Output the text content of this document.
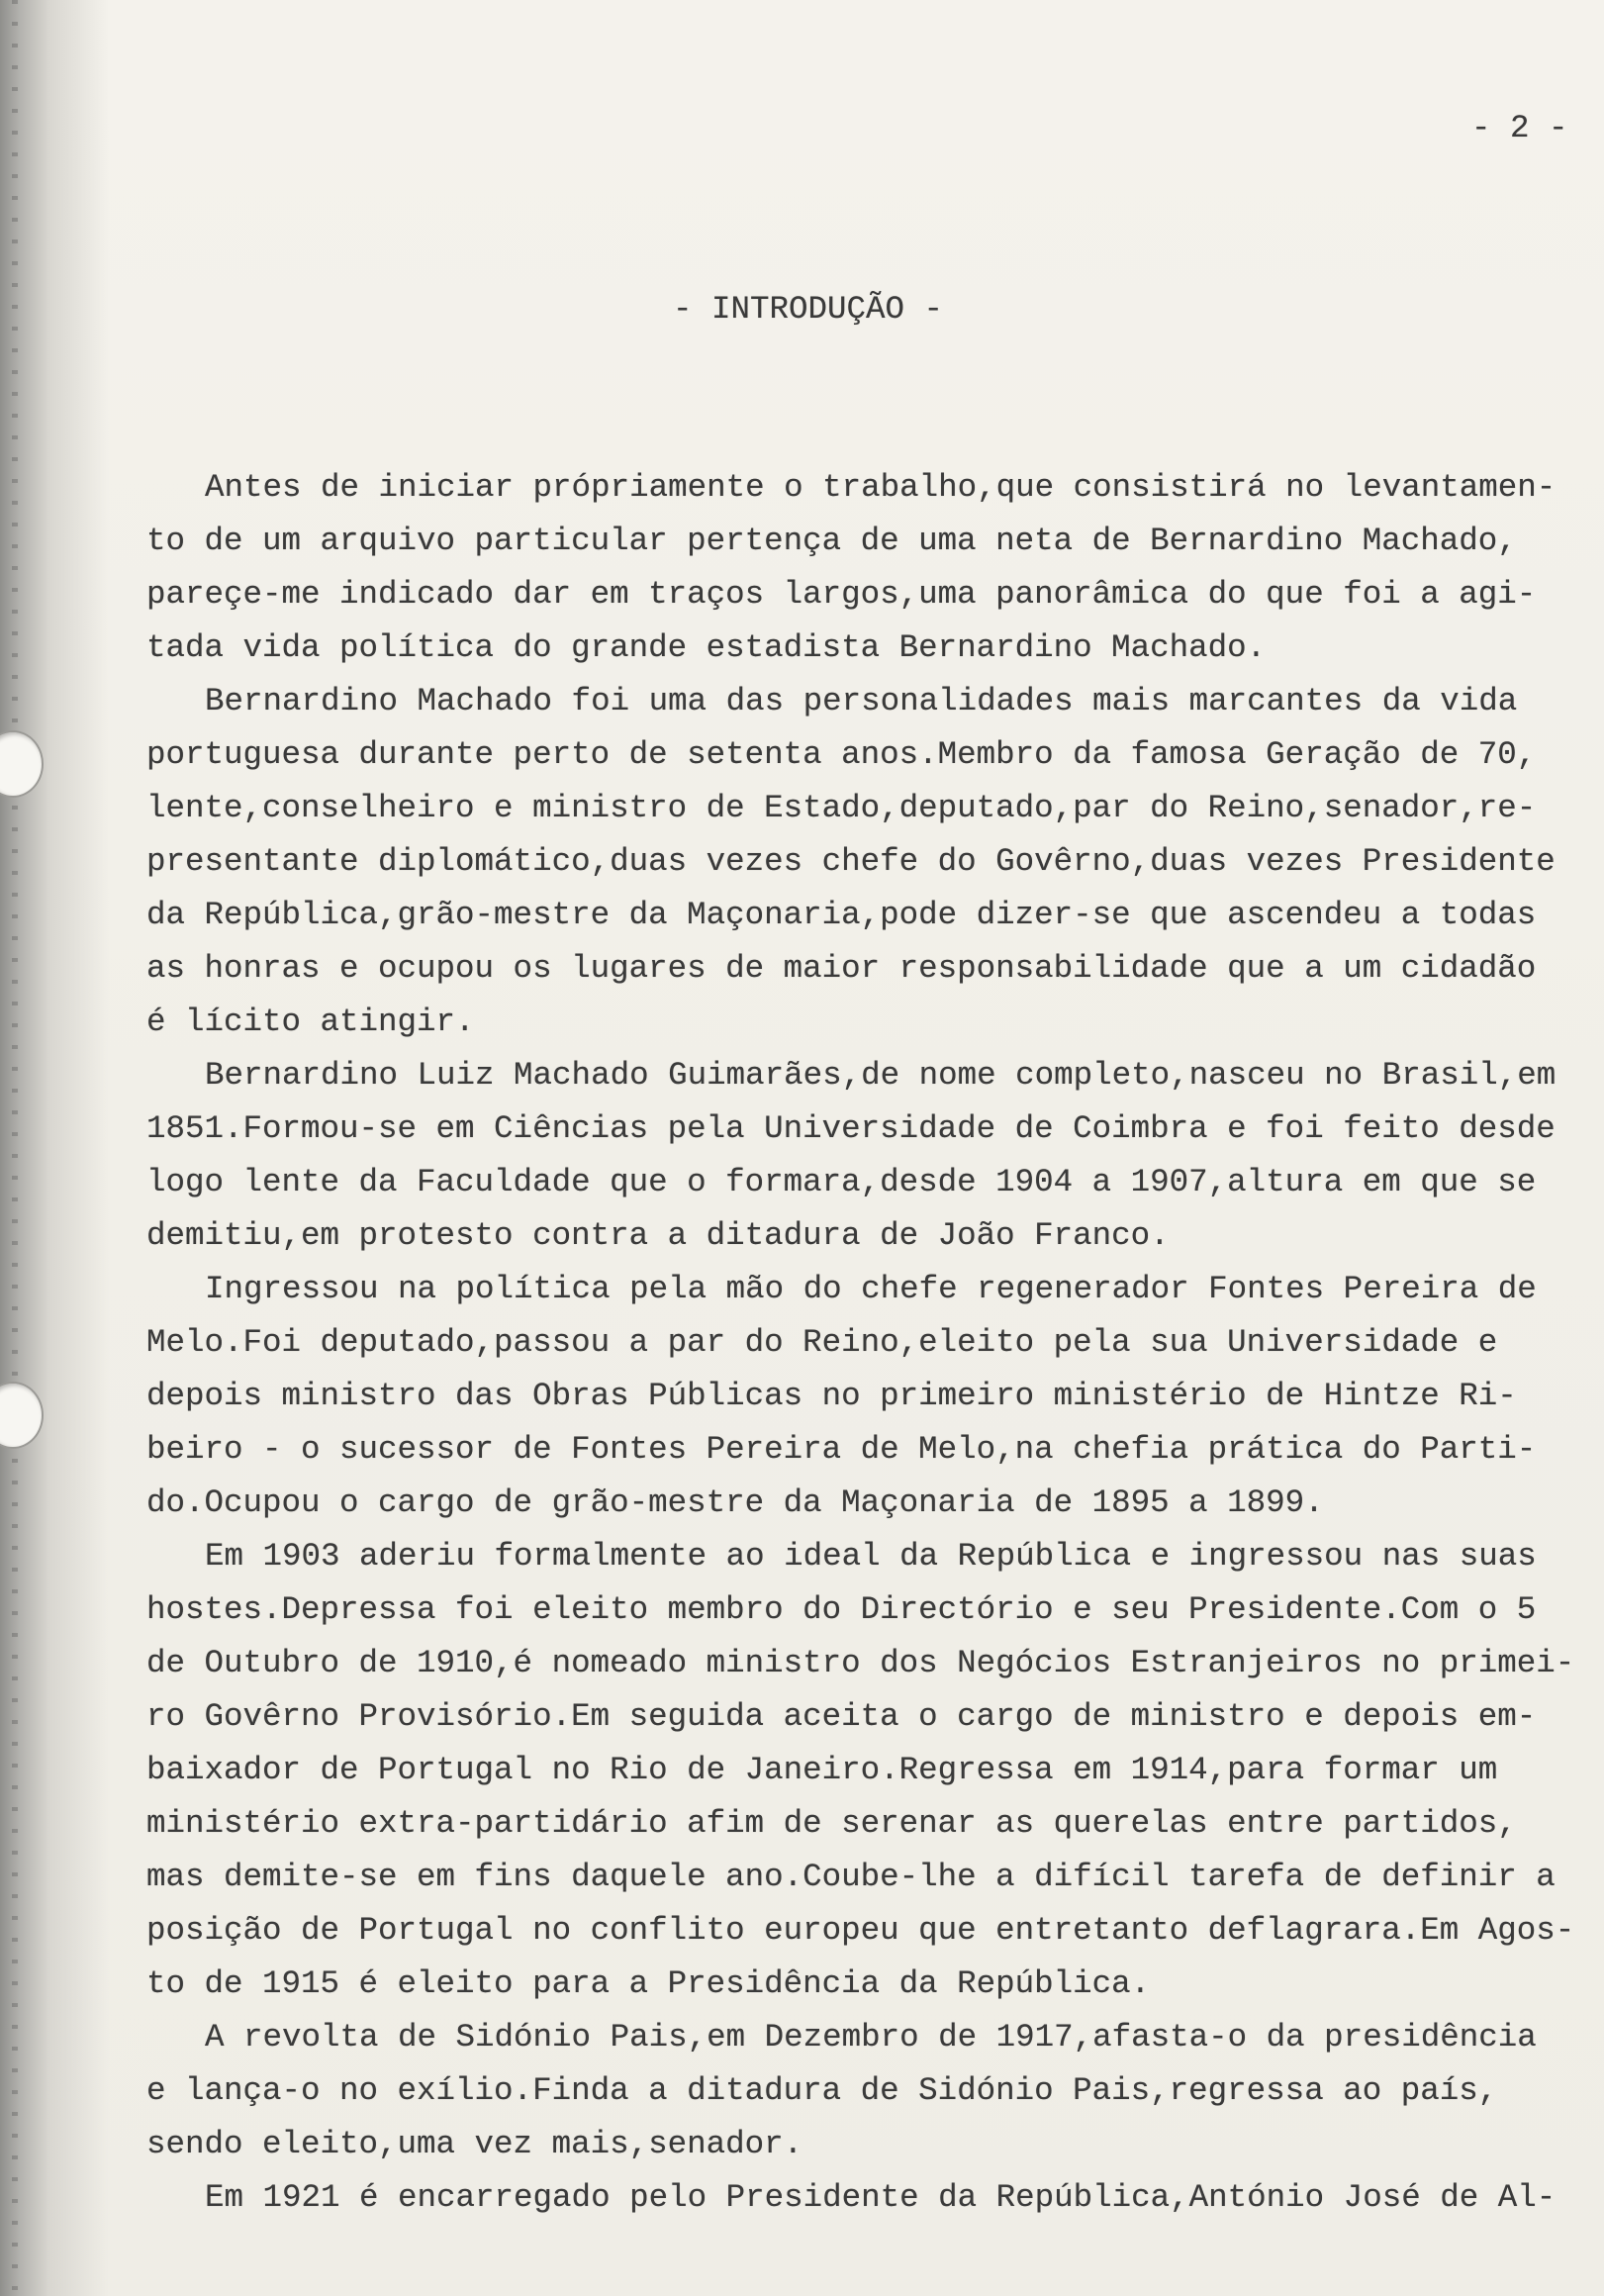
- 2 -
- INTRODUÇÃO -
Antes de iniciar própriamente o trabalho,que consistirá no levantamen-
to de um arquivo particular pertença de uma neta de Bernardino Machado,
pareçe-me indicado dar em traços largos,uma panorâmica do que foi a agi-
tada vida política do grande estadista Bernardino Machado.
Bernardino Machado foi uma das personalidades mais marcantes da vida
portuguesa durante perto de setenta anos.Membro da famosa Geração de 70,
lente,conselheiro e ministro de Estado,deputado,par do Reino,senador,re-
presentante diplomático,duas vezes chefe do Govêrno,duas vezes Presidente
da República,grão-mestre da Maçonaria,pode dizer-se que ascendeu a todas
as honras e ocupou os lugares de maior responsabilidade que a um cidadão
é lícito atingir.
Bernardino Luiz Machado Guimarães,de nome completo,nasceu no Brasil,em
1851.Formou-se em Ciências pela Universidade de Coimbra e foi feito desde
logo lente da Faculdade que o formara,desde 1904 a 1907,altura em que se
demitiu,em protesto contra a ditadura de João Franco.
Ingressou na política pela mão do chefe regenerador Fontes Pereira de
Melo.Foi deputado,passou a par do Reino,eleito pela sua Universidade e
depois ministro das Obras Públicas no primeiro ministério de Hintze Ri-
beiro - o sucessor de Fontes Pereira de Melo,na chefia prática do Parti-
do.Ocupou o cargo de grão-mestre da Maçonaria de 1895 a 1899.
Em 1903 aderiu formalmente ao ideal da República e ingressou nas suas
hostes.Depressa foi eleito membro do Directório e seu Presidente.Com o 5
de Outubro de 1910,é nomeado ministro dos Negócios Estranjeiros no primei-
ro Govêrno Provisório.Em seguida aceita o cargo de ministro e depois em-
baixador de Portugal no Rio de Janeiro.Regressa em 1914,para formar um
ministério extra-partidário afim de serenar as querelas entre partidos,
mas demite-se em fins daquele ano.Coube-lhe a difícil tarefa de definir a
posição de Portugal no conflito europeu que entretanto deflagrara.Em Agos-
to de 1915 é eleito para a Presidência da República.
A revolta de Sidónio Pais,em Dezembro de 1917,afasta-o da presidência
e lança-o no exílio.Finda a ditadura de Sidónio Pais,regressa ao país,
sendo eleito,uma vez mais,senador.
Em 1921 é encarregado pelo Presidente da República,António José de Al-
